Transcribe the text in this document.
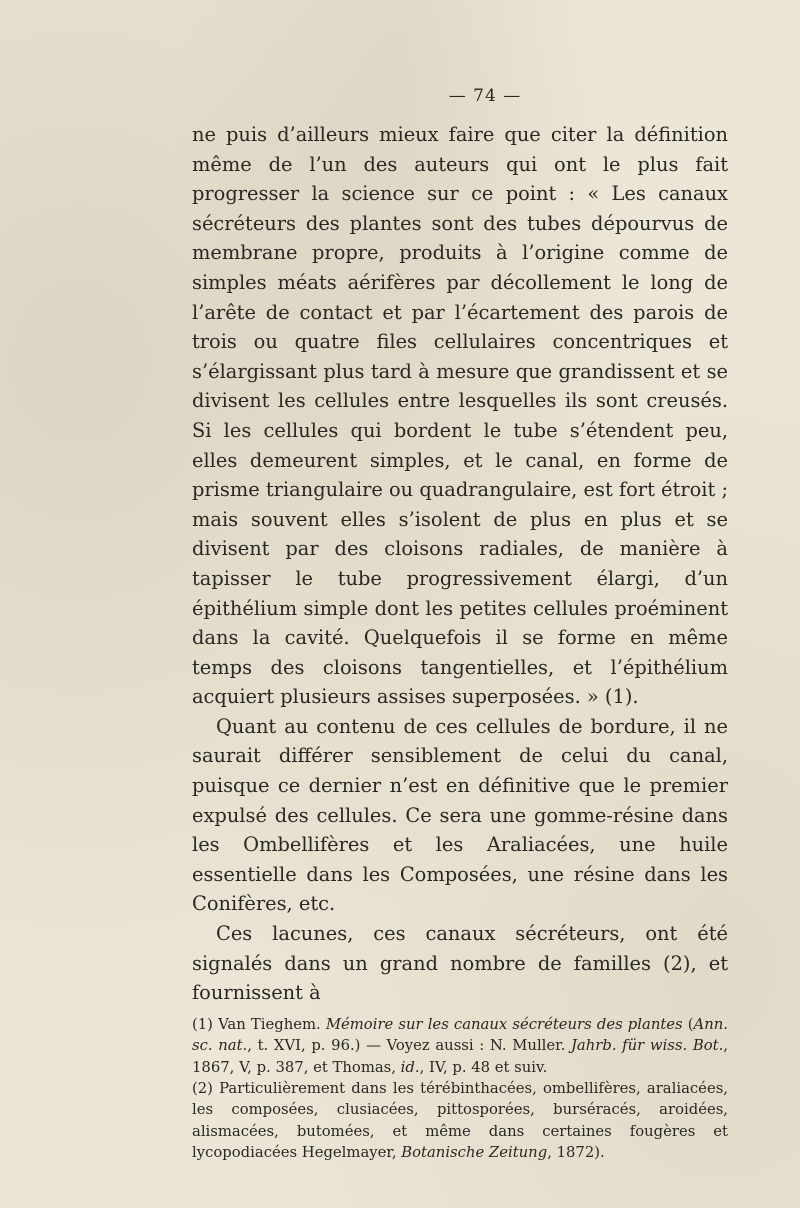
— 74 —

ne puis d’ailleurs mieux faire que citer la définition même de l’un des auteurs qui ont le plus fait progresser la science sur ce point : « Les canaux sécréteurs des plantes sont des tubes dépourvus de membrane propre, produits à l’origine comme de simples méats aérifères par décollement le long de l’arête de contact et par l’écartement des parois de trois ou quatre files cellulaires concentriques et s’élargissant plus tard à mesure que grandissent et se divisent les cellules entre lesquelles ils sont creusés. Si les cellules qui bordent le tube s’étendent peu, elles demeurent simples, et le canal, en forme de prisme triangulaire ou quadrangulaire, est fort étroit ; mais souvent elles s’isolent de plus en plus et se divisent par des cloisons radiales, de manière à tapisser le tube progressivement élargi, d’un épithélium simple dont les petites cellules proéminent dans la cavité. Quelquefois il se forme en même temps des cloisons tangentielles, et l’épithélium acquiert plusieurs assises superposées. » (1).

Quant au contenu de ces cellules de bordure, il ne saurait différer sensiblement de celui du canal, puisque ce dernier n’est en définitive que le premier expulsé des cellules. Ce sera une gomme-résine dans les Ombellifères et les Araliacées, une huile essentielle dans les Composées, une résine dans les Conifères, etc.

Ces lacunes, ces canaux sécréteurs, ont été signalés dans un grand nombre de familles (2), et fournissent à

(1) Van Tieghem. Mémoire sur les canaux sécréteurs des plantes (Ann. sc. nat., t. XVI, p. 96.) — Voyez aussi : N. Muller. Jahrb. für wiss. Bot., 1867, V, p. 387, et Thomas, id., IV, p. 48 et suiv.

(2) Particulièrement dans les térébinthacées, ombellifères, araliacées, les composées, clusiacées, pittosporées, burséracés, aroidées, alismacées, butomées, et même dans certaines fougères et lycopodiacées Hegelmayer, Botanische Zeitung, 1872).
